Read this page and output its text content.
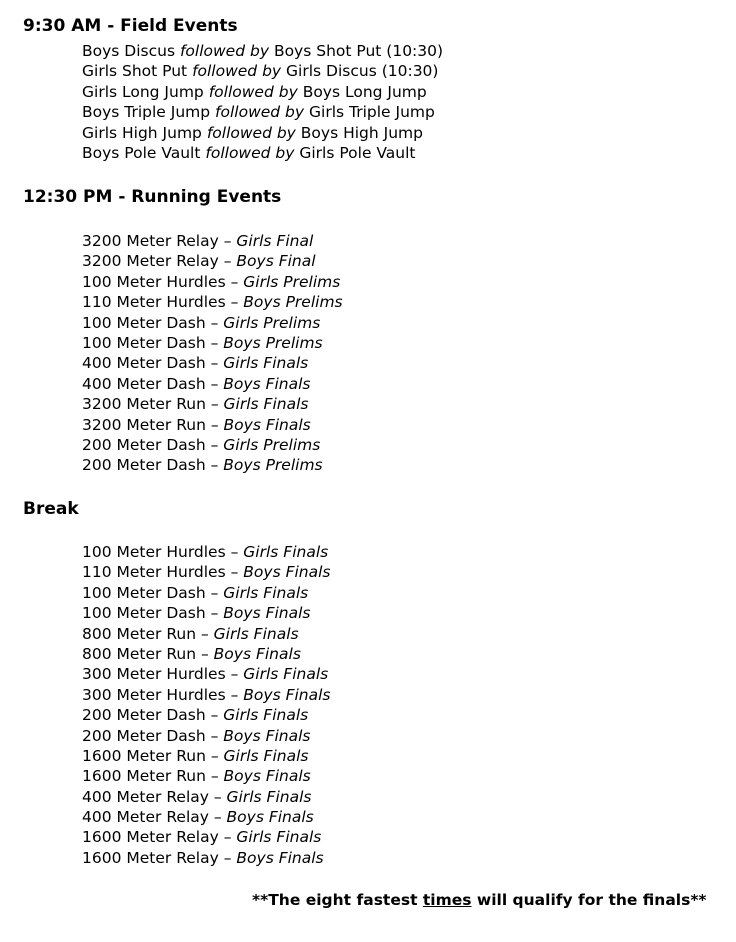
9:30 AM - Field Events
Boys Discus followed by Boys Shot Put (10:30)
Girls Shot Put followed by Girls Discus (10:30)
Girls Long Jump followed by Boys Long Jump
Boys Triple Jump followed by Girls Triple Jump
Girls High Jump followed by Boys High Jump
Boys Pole Vault followed by Girls Pole Vault
12:30 PM - Running Events
3200 Meter Relay – Girls Final
3200 Meter Relay – Boys Final
100 Meter Hurdles – Girls Prelims
110 Meter Hurdles – Boys Prelims
100 Meter Dash – Girls Prelims
100 Meter Dash – Boys Prelims
400 Meter Dash – Girls Finals
400 Meter Dash – Boys Finals
3200 Meter Run – Girls Finals
3200 Meter Run – Boys Finals
200 Meter Dash – Girls Prelims
200 Meter Dash – Boys Prelims
Break
100 Meter Hurdles – Girls Finals
110 Meter Hurdles – Boys Finals
100 Meter Dash – Girls Finals
100 Meter Dash – Boys Finals
800 Meter Run – Girls Finals
800 Meter Run – Boys Finals
300 Meter Hurdles – Girls Finals
300 Meter Hurdles – Boys Finals
200 Meter Dash – Girls Finals
200 Meter Dash – Boys Finals
1600 Meter Run – Girls Finals
1600 Meter Run – Boys Finals
400 Meter Relay – Girls Finals
400 Meter Relay – Boys Finals
1600 Meter Relay – Girls Finals
1600 Meter Relay – Boys Finals

**The eight fastest times will qualify for the finals**
